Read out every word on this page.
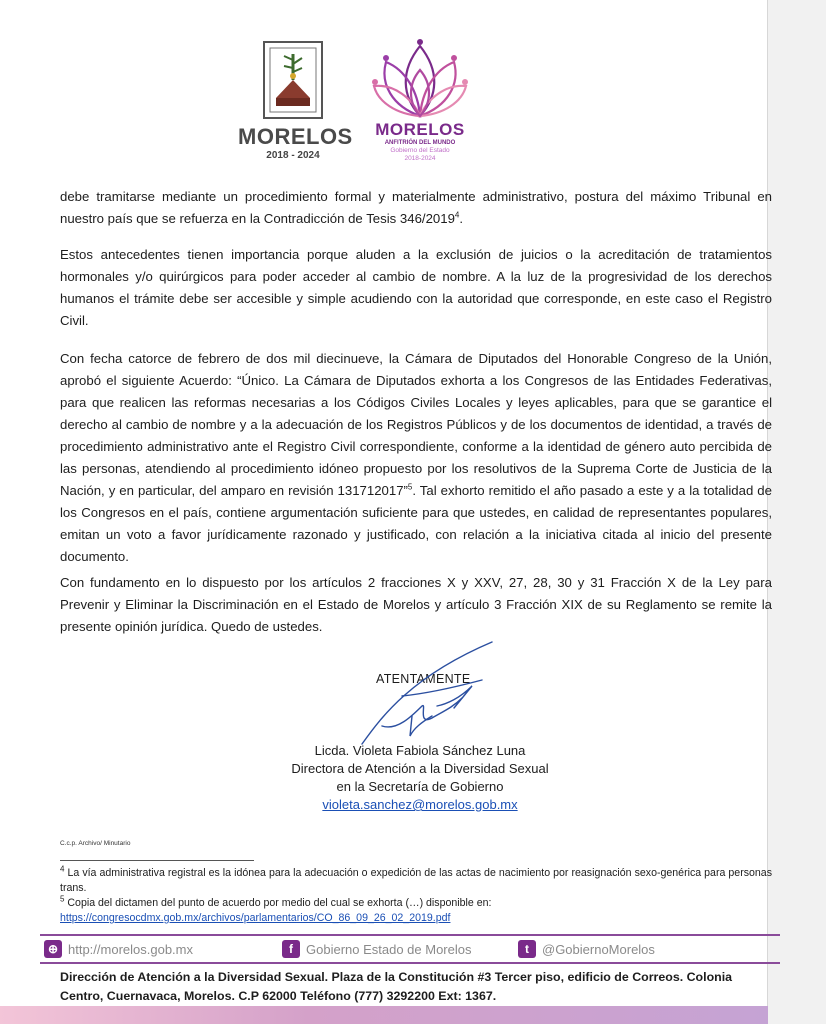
MORELOS
2018 - 2024
MORELOS
ANFITRIÓN DEL MUNDO
Gobierno del Estado
2018-2024

debe tramitarse mediante un procedimiento formal y materialmente administrativo, postura del máximo Tribunal en nuestro país que se refuerza en la Contradicción de Tesis 346/2019$^4$.

Estos antecedentes tienen importancia porque aluden a la exclusión de juicios o la acreditación de tratamientos hormonales y/o quirúrgicos para poder acceder al cambio de nombre. A la luz de la progresividad de los derechos humanos el trámite debe ser accesible y simple acudiendo con la autoridad que corresponde, en este caso el Registro Civil.

Con fecha catorce de febrero de dos mil diecinueve, la Cámara de Diputados del Honorable Congreso de la Unión, aprobó el siguiente Acuerdo: “Único. La Cámara de Diputados exhorta a los Congresos de las Entidades Federativas, para que realicen las reformas necesarias a los Códigos Civiles Locales y leyes aplicables, para que se garantice el derecho al cambio de nombre y a la adecuación de los Registros Públicos y de los documentos de identidad, a través de procedimiento administrativo ante el Registro Civil correspondiente, conforme a la identidad de género auto percibida de las personas, atendiendo al procedimiento idóneo propuesto por los resolutivos de la Suprema Corte de Justicia de la Nación, y en particular, del amparo en revisión 131712017”$^5$. Tal exhorto remitido el año pasado a este y a la totalidad de los Congresos en el país, contiene argumentación suficiente para que ustedes, en calidad de representantes populares, emitan un voto a favor jurídicamente razonado y justificado, con relación a la iniciativa citada al inicio del presente documento.

Con fundamento en lo dispuesto por los artículos 2 fracciones X y XXV, 27, 28, 30 y 31 Fracción X de la Ley para Prevenir y Eliminar la Discriminación en el Estado de Morelos y artículo 3 Fracción XIX de su Reglamento se remite la presente opinión jurídica. Quedo de ustedes.

ATENTAMENTE
Licda. Violeta Fabiola Sánchez Luna
Directora de Atención a la Diversidad Sexual
en la Secretaría de Gobierno
violeta.sanchez@morelos.gob.mx
C.c.p. Archivo/ Minutario
$^4$ La vía administrativa registral es la idónea para la adecuación o expedición de las actas de nacimiento por reasignación sexo-genérica para personas trans.
$^5$ Copia del dictamen del punto de acuerdo por medio del cual se exhorta (…) disponible en:
https://congresocdmx.gob.mx/archivos/parlamentarios/CO_86_09_26_02_2019.pdf
⊕ http://morelos.gob.mx	f	Gobierno Estado de Morelos	t	@GobiernoMorelos
Dirección de Atención a la Diversidad Sexual. Plaza de la Constitución #3 Tercer piso, edificio de Correos. Colonia Centro, Cuernavaca, Morelos. C.P 62000 Teléfono (777) 3292200 Ext: 1367.
